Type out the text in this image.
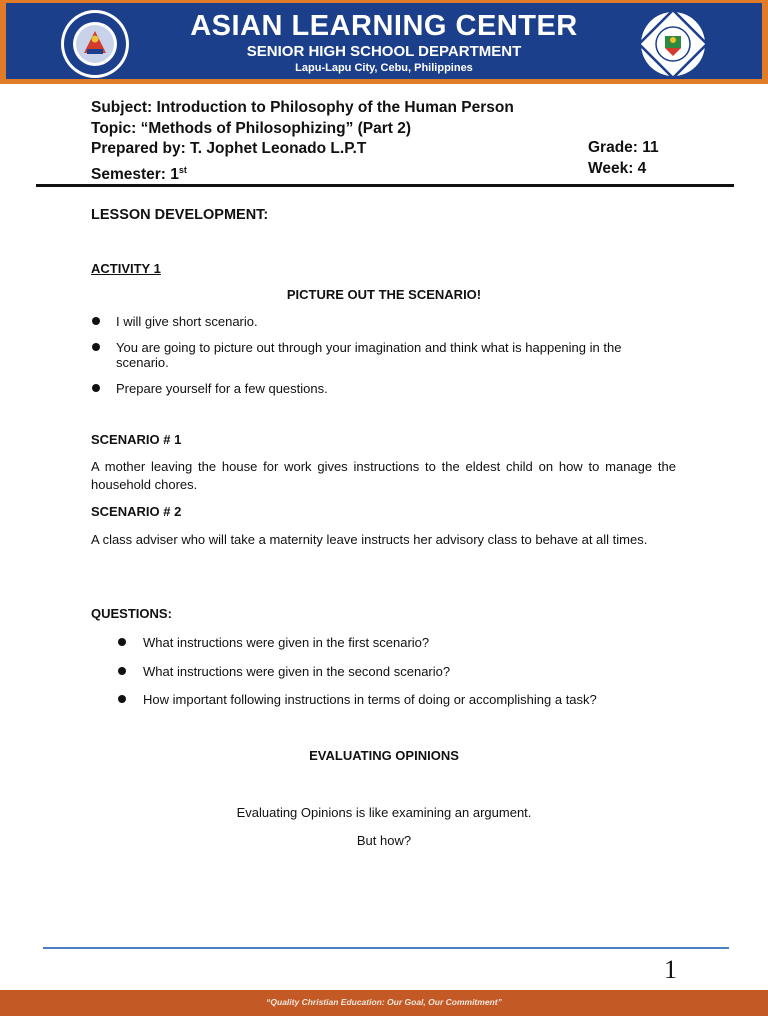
ASIAN LEARNING CENTER
SENIOR HIGH SCHOOL DEPARTMENT
Lapu-Lapu City, Cebu, Philippines
Subject: Introduction to Philosophy of the Human Person
Topic: “Methods of Philosophizing” (Part 2)
Prepared by: T. Jophet Leonado L.P.T	Grade: 11
Semester: 1st	Week: 4
LESSON DEVELOPMENT:
ACTIVITY 1
PICTURE OUT THE SCENARIO!
I will give short scenario.
You are going to picture out through your imagination and think what is happening in the scenario.
Prepare yourself for a few questions.
SCENARIO # 1
A mother leaving the house for work gives instructions to the eldest child on how to manage the household chores.
SCENARIO # 2
A class adviser who will take a maternity leave instructs her advisory class to behave at all times.
QUESTIONS:
What instructions were given in the first scenario?
What instructions were given in the second scenario?
How important following instructions in terms of doing or accomplishing a task?
EVALUATING OPINIONS
Evaluating Opinions is like examining an argument.
But how?
1
“Quality Christian Education: Our Goal, Our Commitment”
